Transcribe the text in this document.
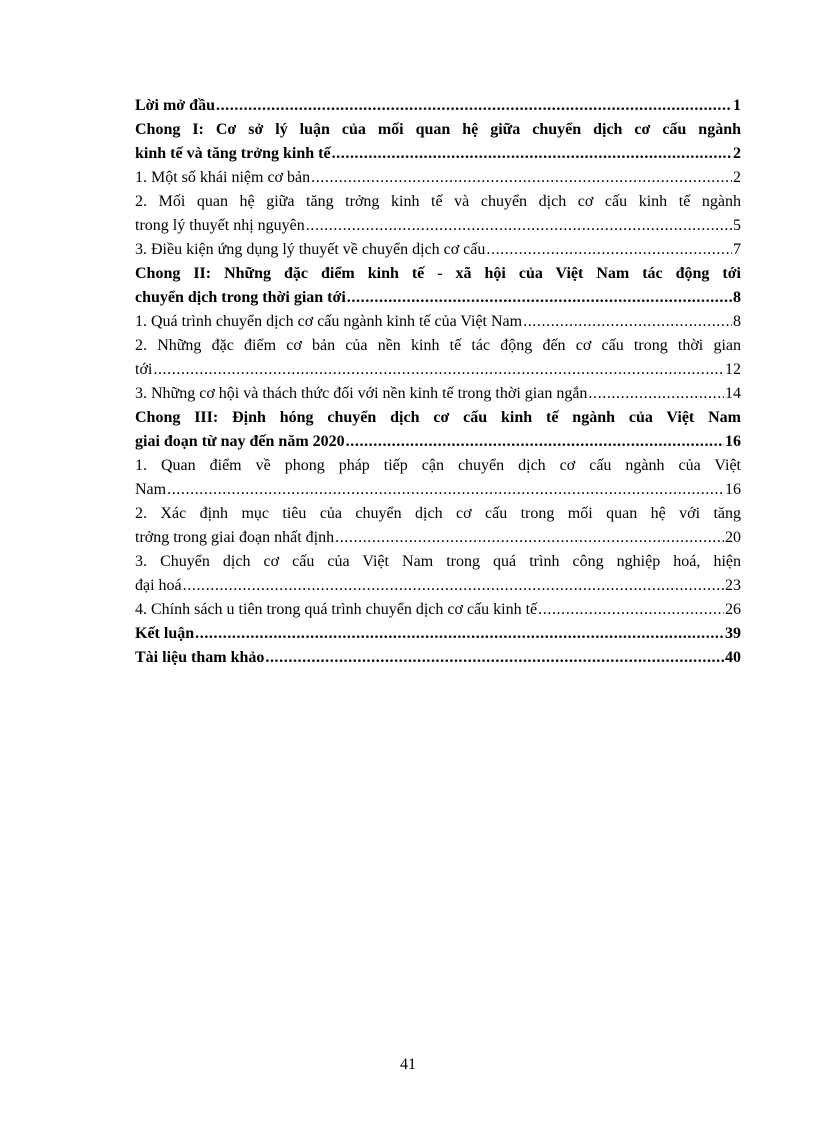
Lời mở đầu .....	1
Chong I: Cơ sở lý luận của mối quan hệ giữa chuyển dịch cơ cấu ngành
kinh tế và tăng trởng kinh tế .....	2
1. Một số khái niệm cơ bản .....	2
2. Mối quan hệ giữa tăng trởng kinh tế và chuyển dịch cơ cấu kinh tế ngành
trong lý thuyết nhị nguyên .....	5
3. Điều kiện ứng dụng lý thuyết về chuyển dịch cơ cấu .....	7
Chong II: Những đặc điểm kinh tế - xã hội của Việt Nam tác động tới
chuyển dịch trong thời gian tới .....	8
1. Quá trình chuyển dịch cơ cấu ngành kinh tế của Việt Nam .....	8
2. Những đặc điểm cơ bản của nền kinh tế tác động đến cơ cấu trong thời gian
tới .....	12
3. Những cơ hội và thách thức đối với nền kinh tế trong thời gian ngắn .....	14
Chong III: Định hóng chuyển dịch cơ cấu kinh tế ngành của Việt Nam
giai đoạn từ nay đến năm 2020 .....	16
1. Quan điểm về phong pháp tiếp cận chuyển dịch cơ cấu ngành của Việt
Nam .....	16
2. Xác định mục tiêu của chuyển dịch cơ cấu trong mối quan hệ với tăng
trởng trong giai đoạn nhất định .....	20
3. Chuyển dịch cơ cấu của Việt Nam trong quá trình công nghiệp hoá, hiện
đại hoá .....	23
4. Chính sách u tiên trong quá trình chuyển dịch cơ cấu kinh tế .....	26
Kết luận .....	39
Tài liệu tham khảo .....	40
41
